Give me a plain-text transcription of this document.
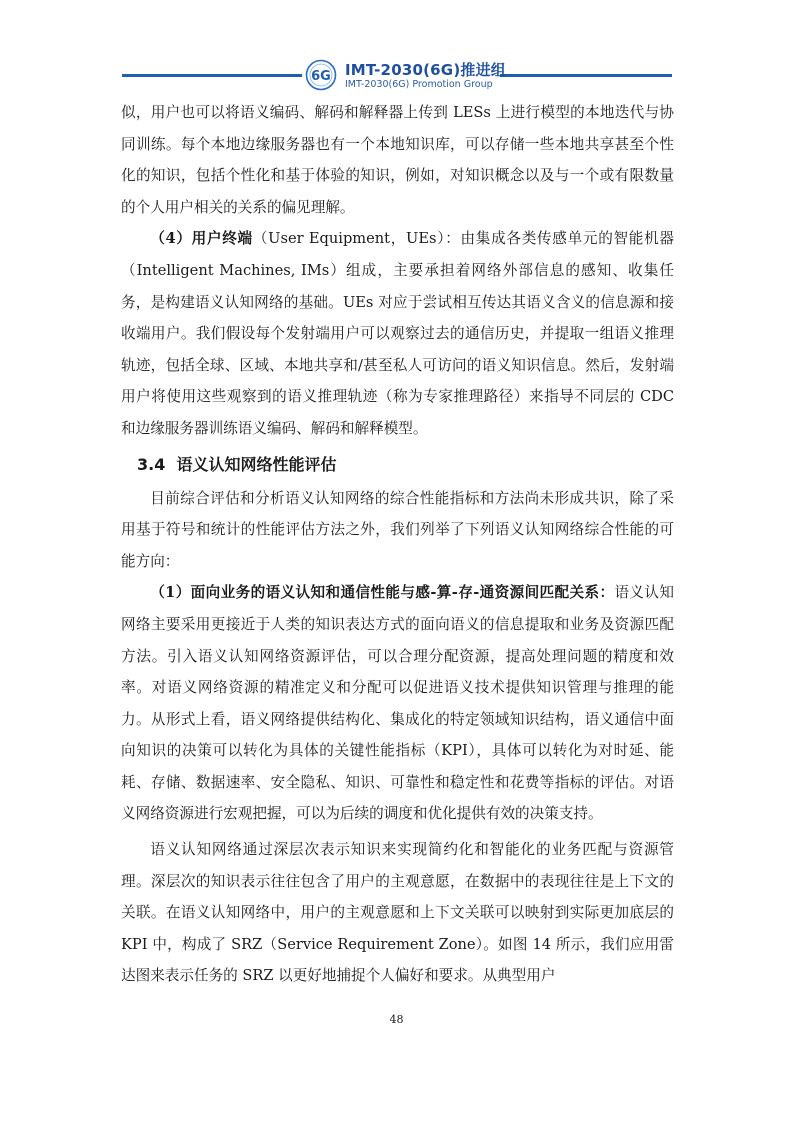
6G IMT-2030(6G)推进组
IMT-2030(6G) Promotion Group

似，用户也可以将语义编码、解码和解释器上传到 LESs 上进行模型的本地迭代与协同训练。每个本地边缘服务器也有一个本地知识库，可以存储一些本地共享甚至个性化的知识，包括个性化和基于体验的知识，例如，对知识概念以及与一个或有限数量的个人用户相关的关系的偏见理解。

（4）用户终端（User Equipment，UEs）：由集成各类传感单元的智能机器（Intelligent Machines, IMs）组成，主要承担着网络外部信息的感知、收集任务，是构建语义认知网络的基础。UEs 对应于尝试相互传达其语义含义的信息源和接收端用户。我们假设每个发射端用户可以观察过去的通信历史，并提取一组语义推理轨迹，包括全球、区域、本地共享和/甚至私人可访问的语义知识信息。然后，发射端用户将使用这些观察到的语义推理轨迹（称为专家推理路径）来指导不同层的 CDC 和边缘服务器训练语义编码、解码和解释模型。

3.4 语义认知网络性能评估

目前综合评估和分析语义认知网络的综合性能指标和方法尚未形成共识，除了采用基于符号和统计的性能评估方法之外，我们列举了下列语义认知网络综合性能的可能方向：

（1）面向业务的语义认知和通信性能与感-算-存-通资源间匹配关系：语义认知网络主要采用更接近于人类的知识表达方式的面向语义的信息提取和业务及资源匹配方法。引入语义认知网络资源评估，可以合理分配资源，提高处理问题的精度和效率。对语义网络资源的精准定义和分配可以促进语义技术提供知识管理与推理的能力。从形式上看，语义网络提供结构化、集成化的特定领域知识结构，语义通信中面向知识的决策可以转化为具体的关键性能指标（KPI），具体可以转化为对时延、能耗、存储、数据速率、安全隐私、知识、可靠性和稳定性和花费等指标的评估。对语义网络资源进行宏观把握，可以为后续的调度和优化提供有效的决策支持。

语义认知网络通过深层次表示知识来实现简约化和智能化的业务匹配与资源管理。深层次的知识表示往往包含了用户的主观意愿，在数据中的表现往往是上下文的关联。在语义认知网络中，用户的主观意愿和上下文关联可以映射到实际更加底层的 KPI 中，构成了 SRZ（Service Requirement Zone）。如图 14 所示，我们应用雷达图来表示任务的 SRZ 以更好地捕捉个人偏好和要求。从典型用户

48
